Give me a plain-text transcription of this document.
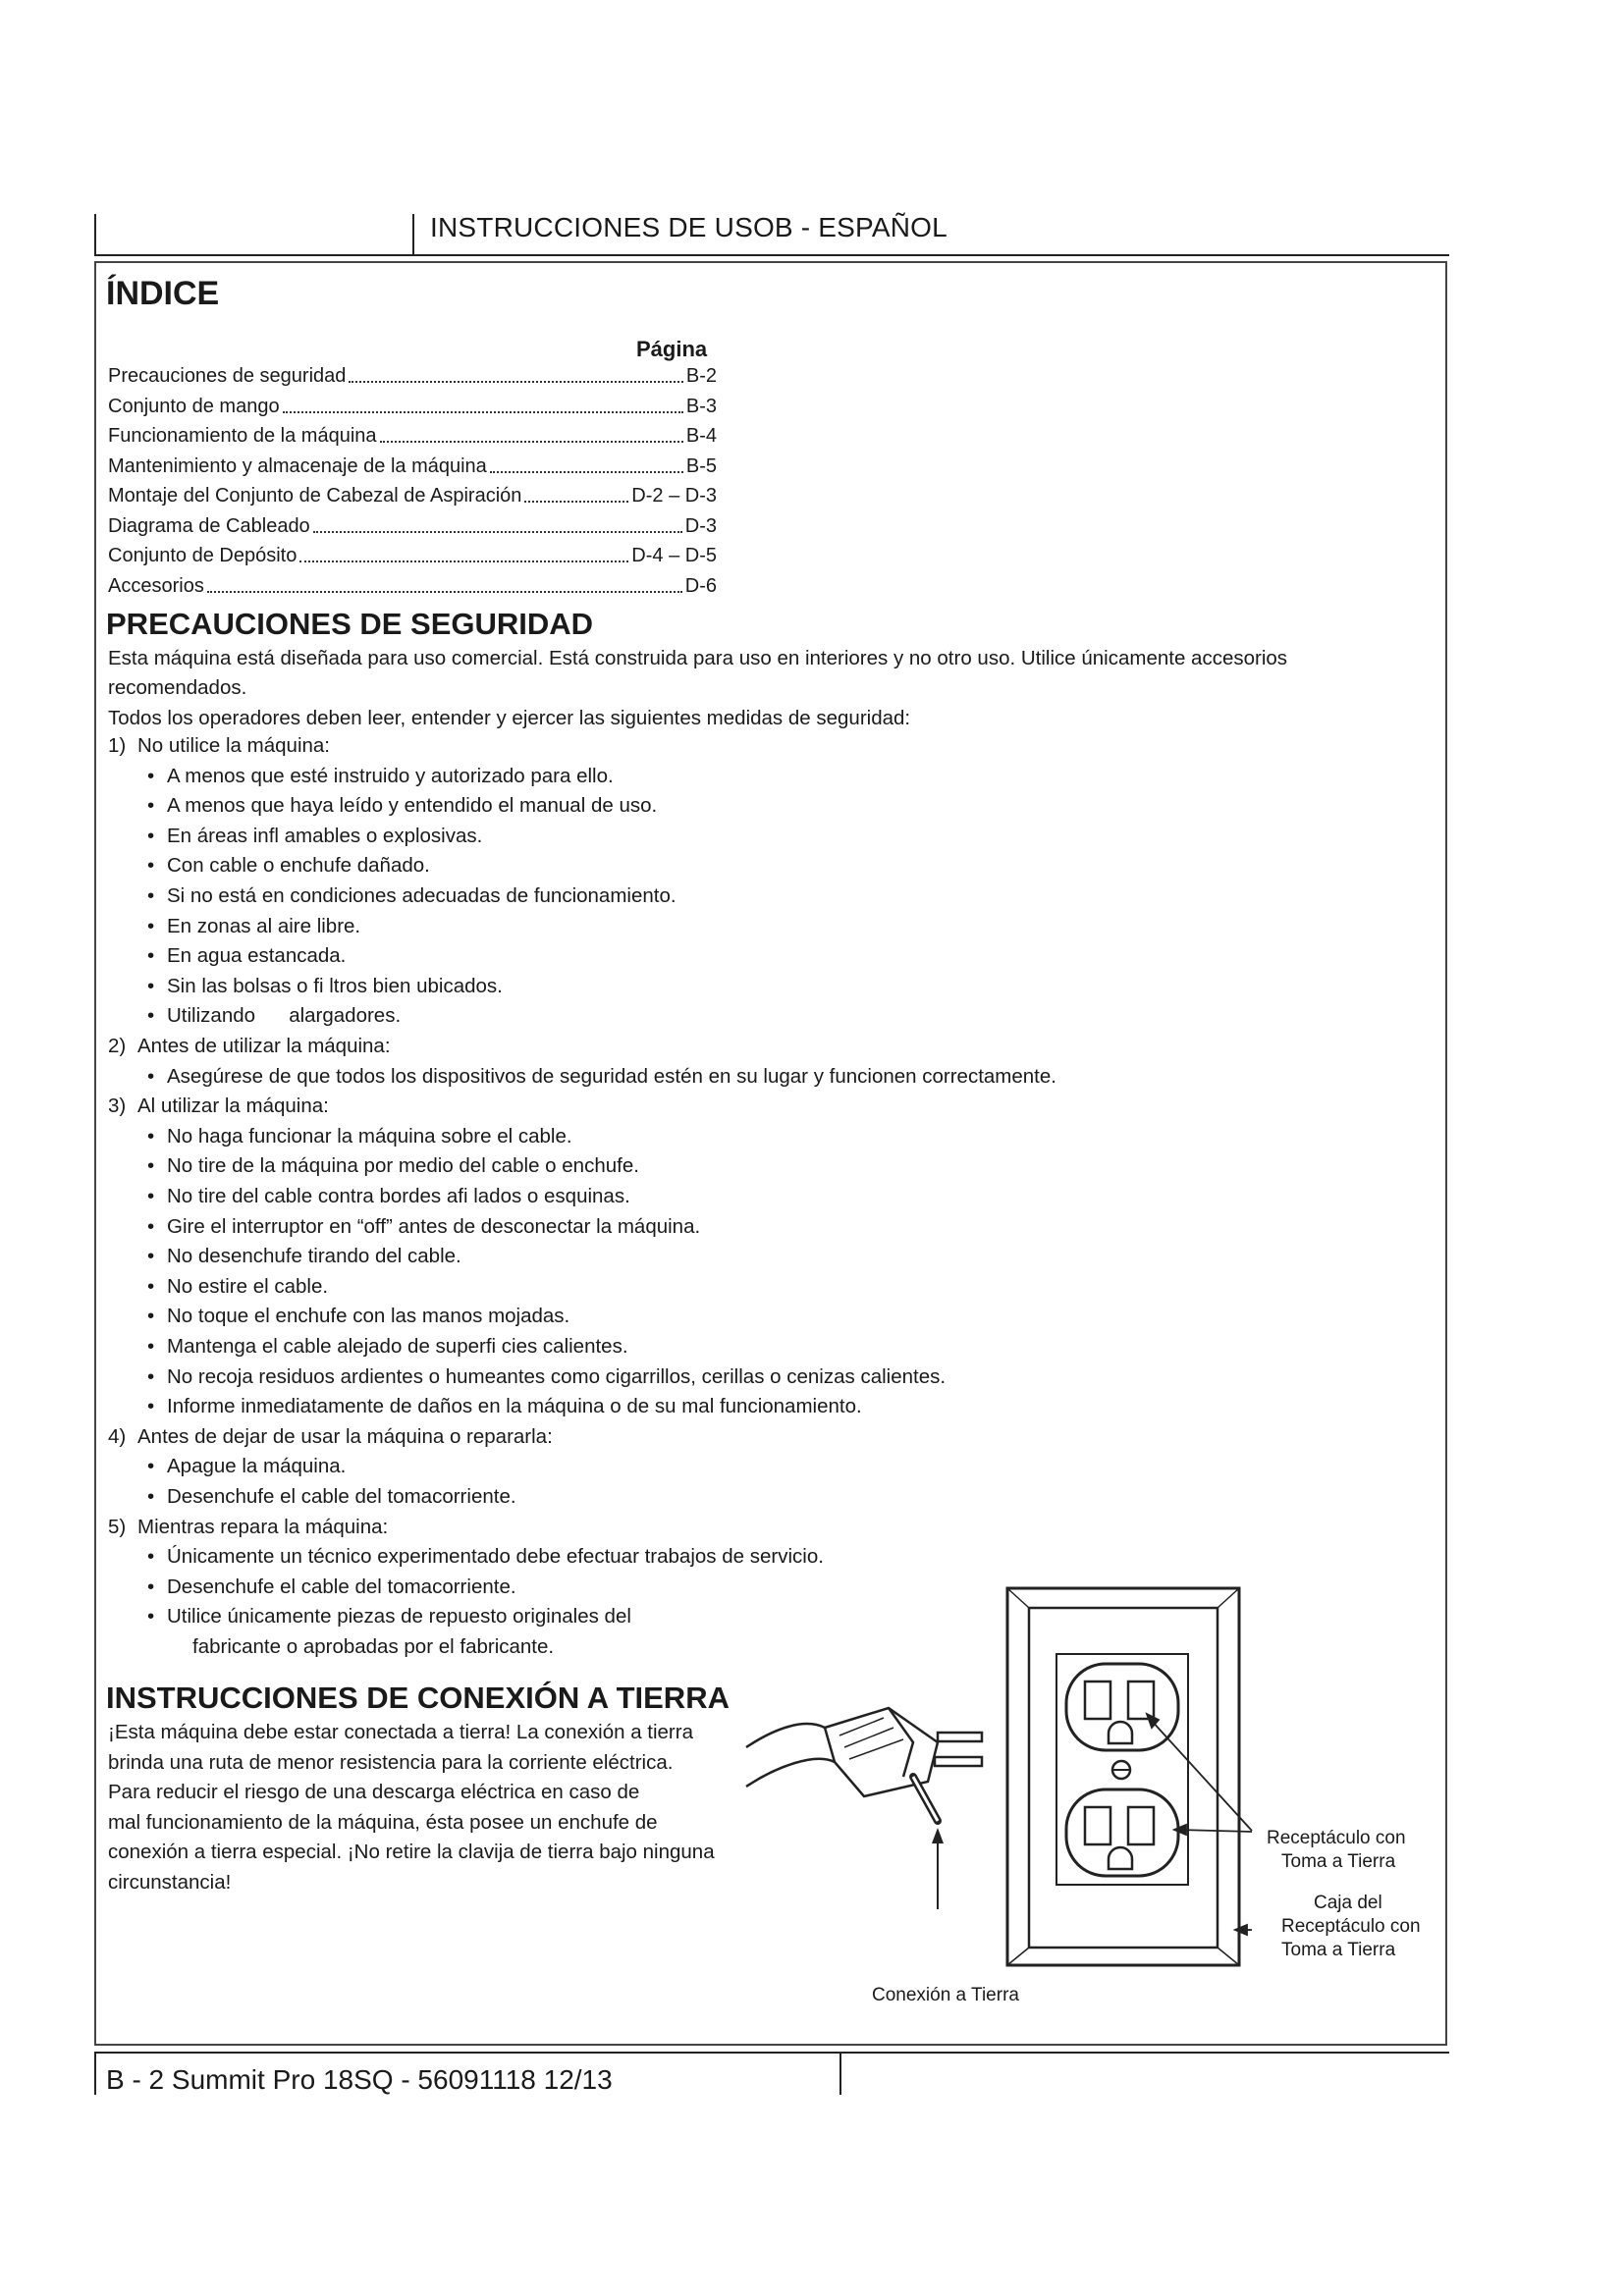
INSTRUCCIONES DE USOB - ESPAÑOL
ÍNDICE
Página
Precauciones de seguridad	B-2
Conjunto de mango	B-3
Funcionamiento de la máquina	B-4
Mantenimiento y almacenaje de la máquina	B-5
Montaje del Conjunto de Cabezal de Aspiración	D-2 – D-3
Diagrama de Cableado	D-3
Conjunto de Depósito	D-4 – D-5
Accesorios	D-6
PRECAUCIONES DE SEGURIDAD
Esta máquina está diseñada para uso comercial. Está construida para uso en interiores y no otro uso. Utilice únicamente accesorios
recomendados.
Todos los operadores deben leer, entender y ejercer las siguientes medidas de seguridad:
1) No utilice la máquina:
• A menos que esté instruido y autorizado para ello.
• A menos que haya leído y entendido el manual de uso.
• En áreas infl amables o explosivas.
• Con cable o enchufe dañado.
• Si no está en condiciones adecuadas de funcionamiento.
• En zonas al aire libre.
• En agua estancada.
• Sin las bolsas o fi ltros bien ubicados.
• Utilizando      alargadores.
2) Antes de utilizar la máquina:
• Asegúrese de que todos los dispositivos de seguridad estén en su lugar y funcionen correctamente.
3) Al utilizar la máquina:
• No haga funcionar la máquina sobre el cable.
• No tire de la máquina por medio del cable o enchufe.
• No tire del cable contra bordes afi lados o esquinas.
• Gire el interruptor en “off” antes de desconectar la máquina.
• No desenchufe tirando del cable.
• No estire el cable.
• No toque el enchufe con las manos mojadas.
• Mantenga el cable alejado de superfi cies calientes.
• No recoja residuos ardientes o humeantes como cigarrillos, cerillas o cenizas calientes.
• Informe inmediatamente de daños en la máquina o de su mal funcionamiento.
4) Antes de dejar de usar la máquina o repararla:
• Apague la máquina.
• Desenchufe el cable del tomacorriente.
5) Mientras repara la máquina:
• Únicamente un técnico experimentado debe efectuar trabajos de servicio.
• Desenchufe el cable del tomacorriente.
• Utilice únicamente piezas de repuesto originales del
fabricante o aprobadas por el fabricante.
INSTRUCCIONES DE CONEXIÓN A TIERRA
¡Esta máquina debe estar conectada a tierra! La conexión a tierra
brinda una ruta de menor resistencia para la corriente eléctrica.
Para reducir el riesgo de una descarga eléctrica en caso de
mal funcionamiento de la máquina, ésta posee un enchufe de
conexión a tierra especial. ¡No retire la clavija de tierra bajo ninguna
circunstancia!
Receptáculo con
Toma a Tierra
Caja del
Receptáculo con
Toma a Tierra
Conexión a Tierra
B - 2 Summit Pro 18SQ - 56091118 12/13
